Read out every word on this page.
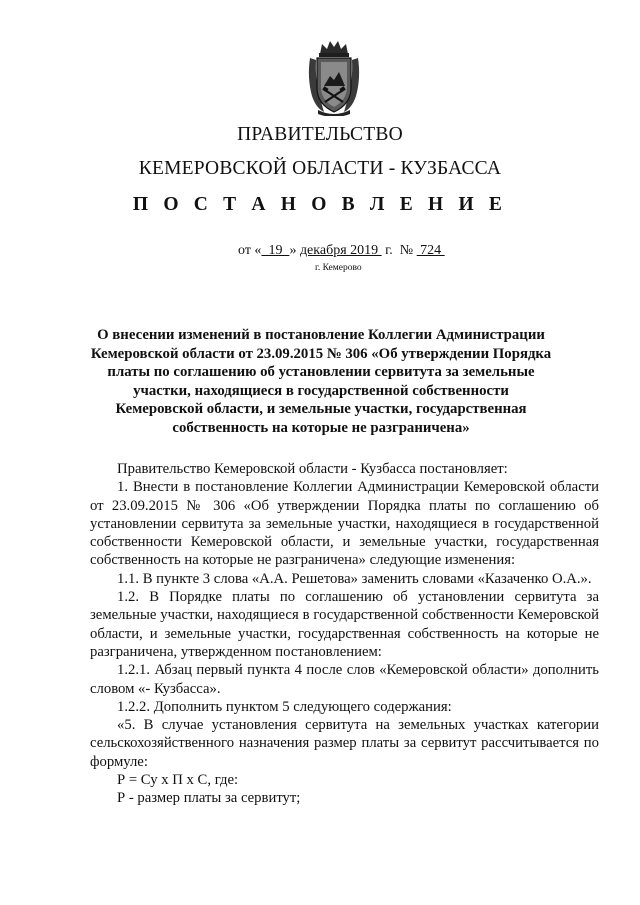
ПРАВИТЕЛЬСТВО
КЕМЕРОВСКОЙ ОБЛАСТИ - КУЗБАССА
П О С Т А Н О В Л Е Н И Е
от «  19  » декабря 2019  г.  №  724
г. Кемерово
О внесении изменений в постановление Коллегии Администрации Кемеровской области от 23.09.2015 № 306 «Об утверждении Порядка платы по соглашению об установлении сервитута за земельные участки, находящиеся в государственной собственности Кемеровской области, и земельные участки, государственная собственность на которые не разграничена»

Правительство Кемеровской области - Кузбасса постановляет:

1. Внести в постановление Коллегии Администрации Кемеровской области от 23.09.2015 № 306 «Об утверждении Порядка платы по соглашению об установлении сервитута за земельные участки, находящиеся в государственной собственности Кемеровской области, и земельные участки, государственная собственность на которые не разграничена» следующие изменения:

1.1. В пункте 3 слова «А.А. Решетова» заменить словами «Казаченко О.А.».

1.2. В Порядке платы по соглашению об установлении сервитута за земельные участки, находящиеся в государственной собственности Кемеровской области, и земельные участки, государственная собственность на которые не разграничена, утвержденном постановлением:

1.2.1. Абзац первый пункта 4 после слов «Кемеровской области» дополнить словом «- Кузбасса».

1.2.2. Дополнить пунктом 5 следующего содержания:

«5. В случае установления сервитута на земельных участках категории сельскохозяйственного назначения размер платы за сервитут рассчитывается по формуле:

Р = Су х П х С, где:

Р - размер платы за сервитут;
